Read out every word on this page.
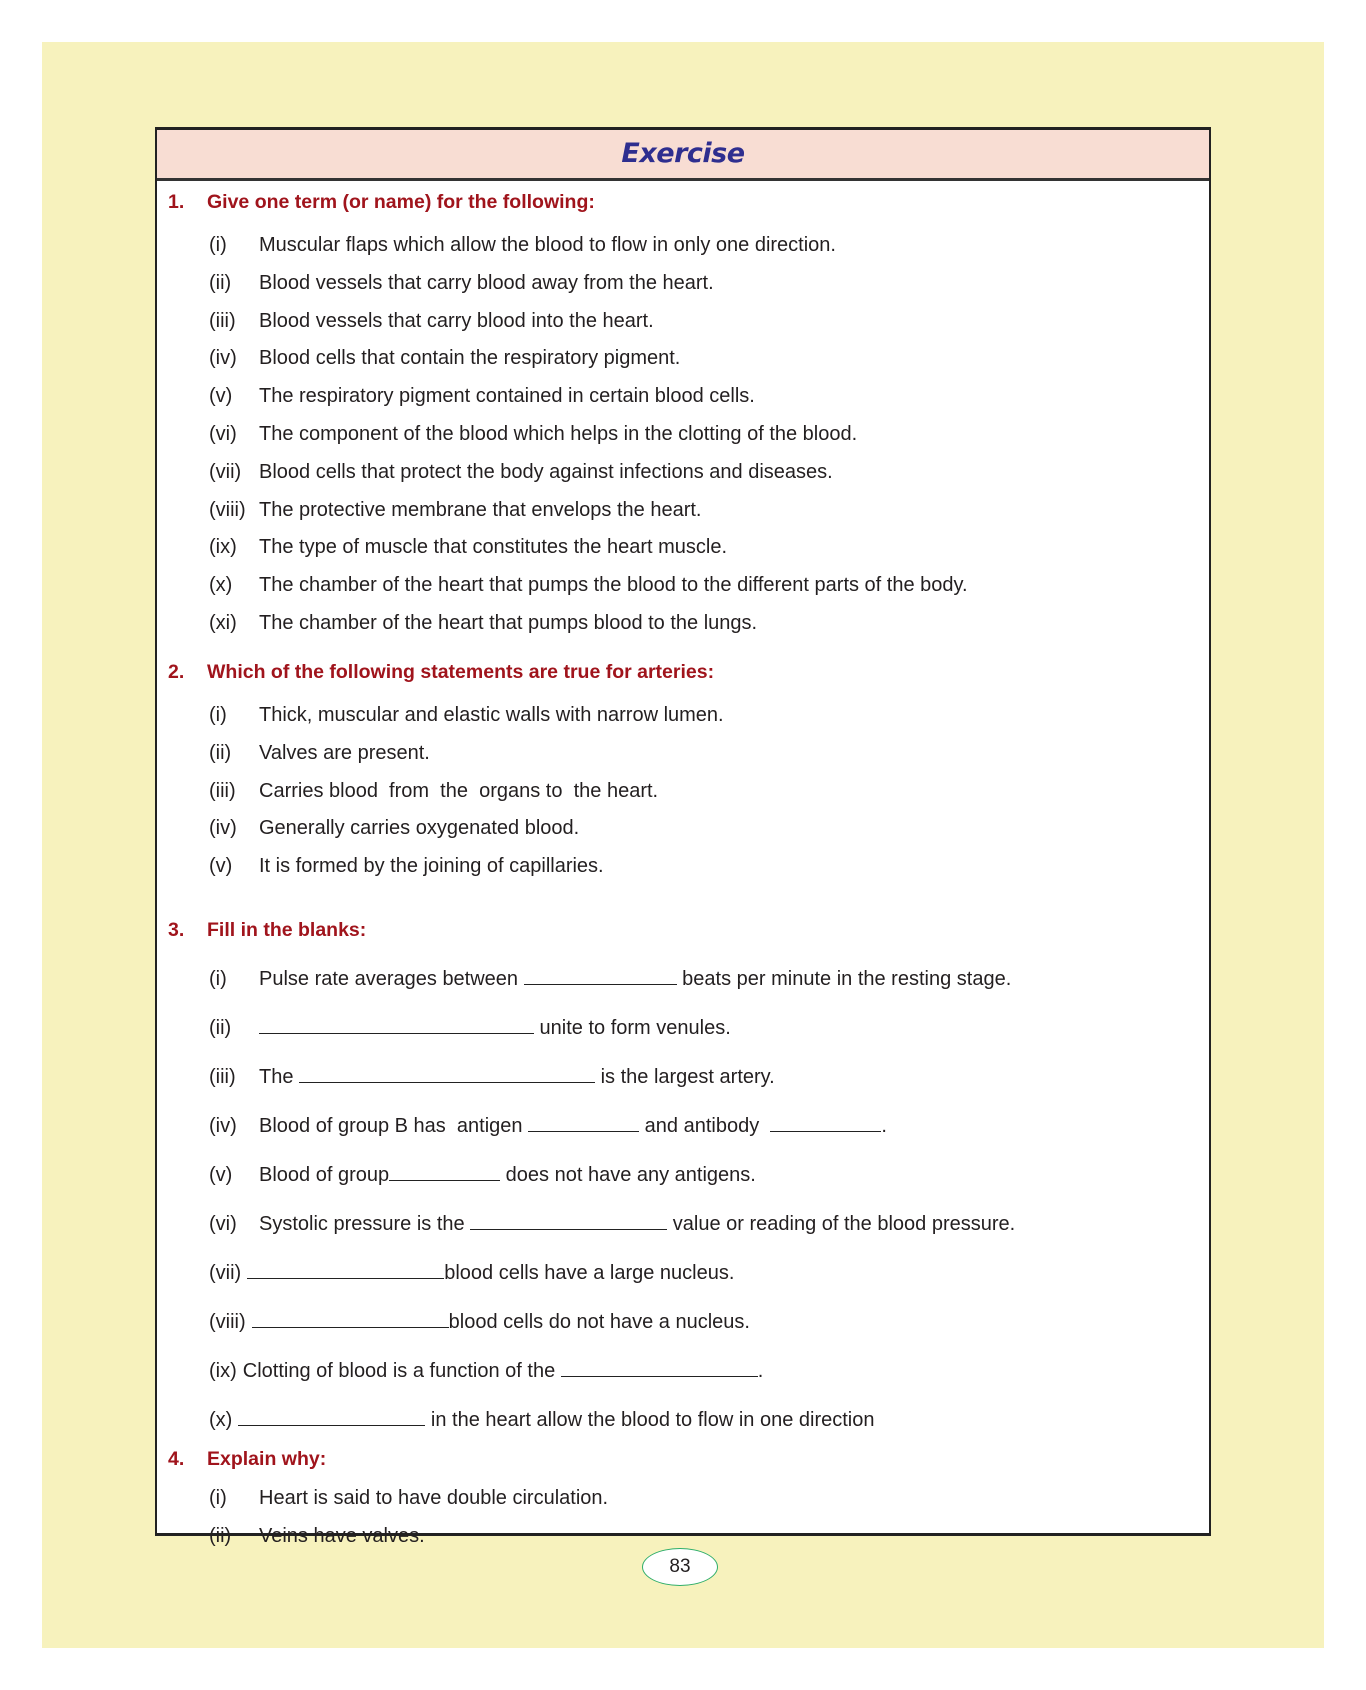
Exercise
1. Give one term (or name) for the following:
(i) Muscular flaps which allow the blood to flow in only one direction.
(ii) Blood vessels that carry blood away from the heart.
(iii) Blood vessels that carry blood into the heart.
(iv) Blood cells that contain the respiratory pigment.
(v) The respiratory pigment contained in certain blood cells.
(vi) The component of the blood which helps in the clotting of the blood.
(vii) Blood cells that protect the body against infections and diseases.
(viii) The protective membrane that envelops the heart.
(ix) The type of muscle that constitutes the heart muscle.
(x) The chamber of the heart that pumps the blood to the different parts of the body.
(xi) The chamber of the heart that pumps blood to the lungs.
2. Which of the following statements are true for arteries:
(i) Thick, muscular and elastic walls with narrow lumen.
(ii) Valves are present.
(iii) Carries blood  from  the  organs to  the heart.
(iv) Generally carries oxygenated blood.
(v) It is formed by the joining of capillaries.
3. Fill in the blanks:
(i) Pulse rate averages between	beats per minute in the resting stage.
(ii)	unite to form venules.
(iii) The	is the largest artery.
(iv) Blood of group B has  antigen	and antibody	.
(v) Blood of group	does not have any antigens.
(vi) Systolic pressure is the	value or reading of the blood pressure.
(vii)	blood cells have a large nucleus.
(viii)	blood cells do not have a nucleus.
(ix) Clotting of blood is a function of the	.
(x)	in the heart allow the blood to flow in one direction
4. Explain why:
(i) Heart is said to have double circulation.
(ii) Veins have valves.
83
